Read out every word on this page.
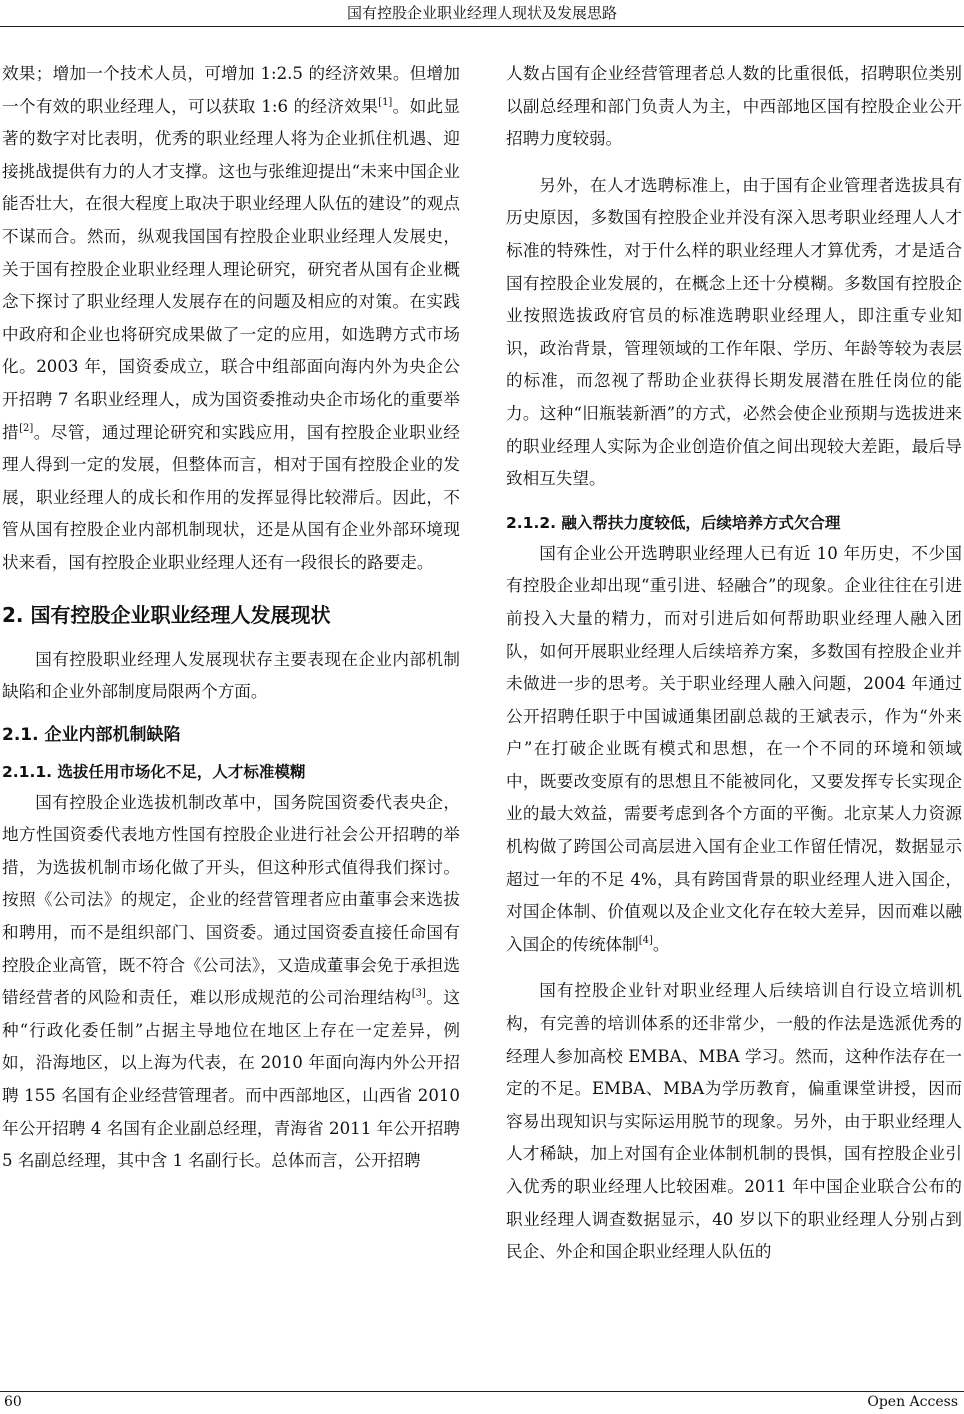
国有控股企业职业经理人现状及发展思路

效果；增加一个技术人员，可增加 1:2.5 的经济效果。但增加一个有效的职业经理人，可以获取 1:6 的经济效果[1]。如此显著的数字对比表明，优秀的职业经理人将为企业抓住机遇、迎接挑战提供有力的人才支撑。这也与张维迎提出“未来中国企业能否壮大，在很大程度上取决于职业经理人队伍的建设”的观点不谋而合。然而，纵观我国国有控股企业职业经理人发展史，关于国有控股企业职业经理人理论研究，研究者从国有企业概念下探讨了职业经理人发展存在的问题及相应的对策。在实践中政府和企业也将研究成果做了一定的应用，如选聘方式市场化。2003 年，国资委成立，联合中组部面向海内外为央企公开招聘 7 名职业经理人，成为国资委推动央企市场化的重要举措[2]。尽管，通过理论研究和实践应用，国有控股企业职业经理人得到一定的发展，但整体而言，相对于国有控股企业的发展，职业经理人的成长和作用的发挥显得比较滞后。因此，不管从国有控股企业内部机制现状，还是从国有企业外部环境现状来看，国有控股企业职业经理人还有一段很长的路要走。

2. 国有控股企业职业经理人发展现状

国有控股职业经理人发展现状存主要表现在企业内部机制缺陷和企业外部制度局限两个方面。

2.1. 企业内部机制缺陷
2.1.1. 选拔任用市场化不足，人才标准模糊

国有控股企业选拔机制改革中，国务院国资委代表央企，地方性国资委代表地方性国有控股企业进行社会公开招聘的举措，为选拔机制市场化做了开头，但这种形式值得我们探讨。按照《公司法》的规定，企业的经营管理者应由董事会来选拔和聘用，而不是组织部门、国资委。通过国资委直接任命国有控股企业高管，既不符合《公司法》，又造成董事会免于承担选错经营者的风险和责任，难以形成规范的公司治理结构[3]。这种“行政化委任制”占据主导地位在地区上存在一定差异，例如，沿海地区，以上海为代表，在 2010 年面向海内外公开招聘 155 名国有企业经营管理者。而中西部地区，山西省 2010 年公开招聘 4 名国有企业副总经理，青海省 2011 年公开招聘 5 名副总经理，其中含 1 名副行长。总体而言，公开招聘

人数占国有企业经营管理者总人数的比重很低，招聘职位类别以副总经理和部门负责人为主，中西部地区国有控股企业公开招聘力度较弱。

另外，在人才选聘标准上，由于国有企业管理者选拔具有历史原因，多数国有控股企业并没有深入思考职业经理人人才标准的特殊性，对于什么样的职业经理人才算优秀，才是适合国有控股企业发展的，在概念上还十分模糊。多数国有控股企业按照选拔政府官员的标准选聘职业经理人，即注重专业知识，政治背景，管理领域的工作年限、学历、年龄等较为表层的标准，而忽视了帮助企业获得长期发展潜在胜任岗位的能力。这种“旧瓶装新酒”的方式，必然会使企业预期与选拔进来的职业经理人实际为企业创造价值之间出现较大差距，最后导致相互失望。

2.1.2. 融入帮扶力度较低，后续培养方式欠合理

国有企业公开选聘职业经理人已有近 10 年历史，不少国有控股企业却出现“重引进、轻融合”的现象。企业往往在引进前投入大量的精力，而对引进后如何帮助职业经理人融入团队，如何开展职业经理人后续培养方案，多数国有控股企业并未做进一步的思考。关于职业经理人融入问题，2004 年通过公开招聘任职于中国诚通集团副总裁的王斌表示，作为“外来户”在打破企业既有模式和思想，在一个不同的环境和领域中，既要改变原有的思想且不能被同化，又要发挥专长实现企业的最大效益，需要考虑到各个方面的平衡。北京某人力资源机构做了跨国公司高层进入国有企业工作留任情况，数据显示超过一年的不足 4%，具有跨国背景的职业经理人进入国企，对国企体制、价值观以及企业文化存在较大差异，因而难以融入国企的传统体制[4]。

国有控股企业针对职业经理人后续培训自行设立培训机构，有完善的培训体系的还非常少，一般的作法是选派优秀的经理人参加高校 EMBA、MBA 学习。然而，这种作法存在一定的不足。EMBA、MBA为学历教育，偏重课堂讲授，因而容易出现知识与实际运用脱节的现象。另外，由于职业经理人人才稀缺，加上对国有企业体制机制的畏惧，国有控股企业引入优秀的职业经理人比较困难。2011 年中国企业联合公布的职业经理人调查数据显示，40 岁以下的职业经理人分别占到民企、外企和国企职业经理人队伍的

60	Open Access
